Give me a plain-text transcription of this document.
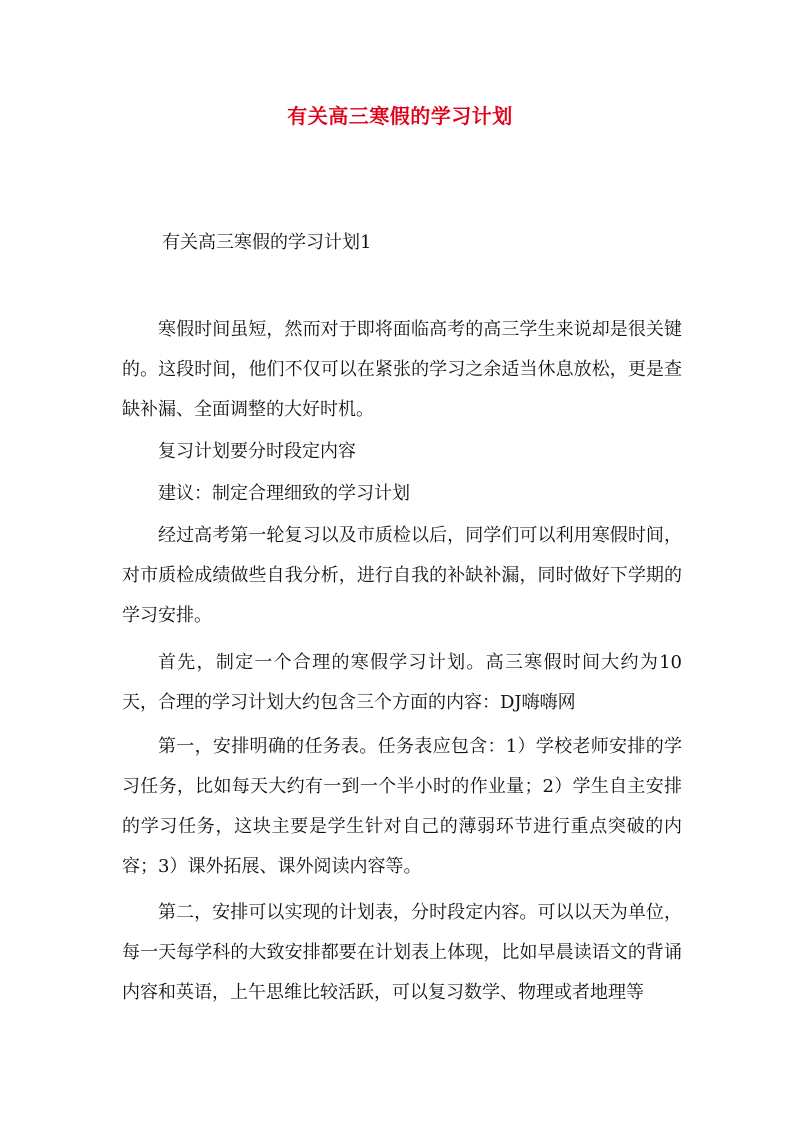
有关高三寒假的学习计划
有关高三寒假的学习计划1

寒假时间虽短，然而对于即将面临高考的高三学生来说却是很关键的。这段时间，他们不仅可以在紧张的学习之余适当休息放松，更是查缺补漏、全面调整的大好时机。

复习计划要分时段定内容

建议：制定合理细致的学习计划

经过高考第一轮复习以及市质检以后，同学们可以利用寒假时间，对市质检成绩做些自我分析，进行自我的补缺补漏，同时做好下学期的学习安排。

首先，制定一个合理的寒假学习计划。高三寒假时间大约为10天，合理的学习计划大约包含三个方面的内容：DJ嗨嗨网

第一，安排明确的任务表。任务表应包含：1）学校老师安排的学习任务，比如每天大约有一到一个半小时的作业量；2）学生自主安排的学习任务，这块主要是学生针对自己的薄弱环节进行重点突破的内容；3）课外拓展、课外阅读内容等。

第二，安排可以实现的计划表，分时段定内容。可以以天为单位，每一天每学科的大致安排都要在计划表上体现，比如早晨读语文的背诵内容和英语，上午思维比较活跃，可以复习数学、物理或者地理等
